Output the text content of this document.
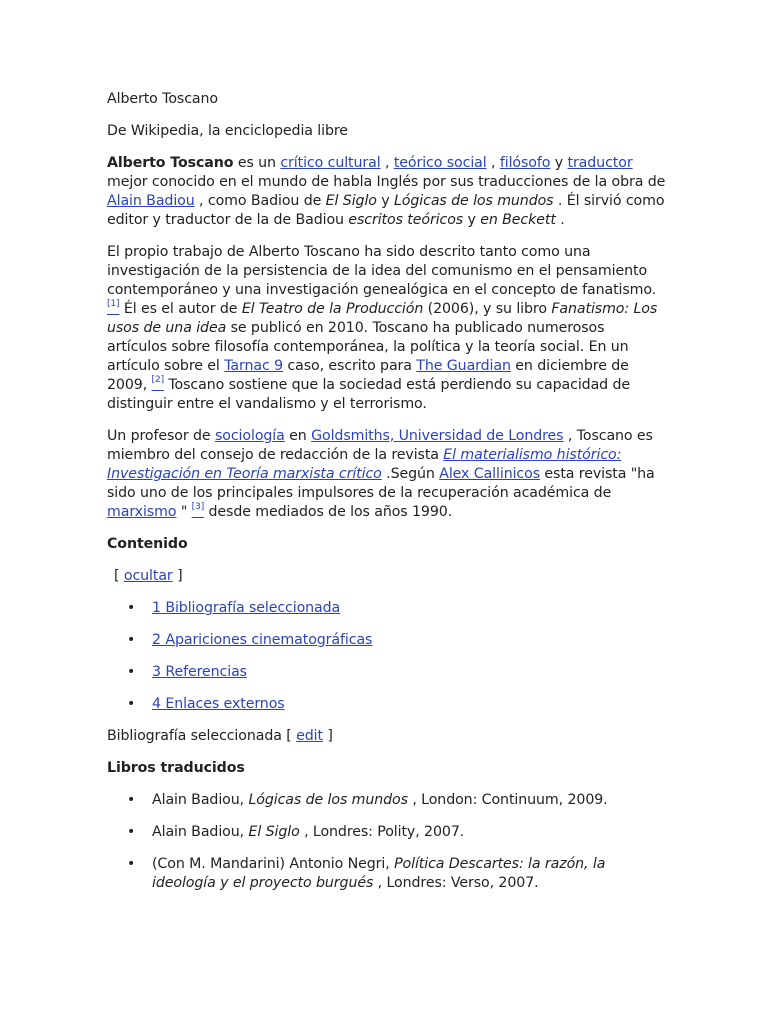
Alberto Toscano

De Wikipedia, la enciclopedia libre

Alberto Toscano es un crítico cultural , teórico social , filósofo y traductor mejor conocido en el mundo de habla Inglés por sus traducciones de la obra de Alain Badiou , como Badiou de El Siglo y Lógicas de los mundos . Él sirvió como editor y traductor de la de Badiou escritos teóricos y en Beckett .

El propio trabajo de Alberto Toscano ha sido descrito tanto como una investigación de la persistencia de la idea del comunismo en el pensamiento contemporáneo y una investigación genealógica en el concepto de fanatismo. [1] Él es el autor de El Teatro de la Producción (2006), y su libro Fanatismo: Los usos de una idea se publicó en 2010. Toscano ha publicado numerosos artículos sobre filosofía contemporánea, la política y la teoría social. En un artículo sobre el Tarnac 9 caso, escrito para The Guardian en diciembre de 2009, [2] Toscano sostiene que la sociedad está perdiendo su capacidad de distinguir entre el vandalismo y el terrorismo.

Un profesor de sociología en Goldsmiths, Universidad de Londres , Toscano es miembro del consejo de redacción de la revista El materialismo histórico: Investigación en Teoría marxista crítico .Según Alex Callinicos esta revista "ha sido uno de los principales impulsores de la recuperación académica de marxismo " [3] desde mediados de los años 1990.

Contenido

[ ocultar ]

• 1 Bibliografía seleccionada
• 2 Apariciones cinematográficas
• 3 Referencias
• 4 Enlaces externos

Bibliografía seleccionada [ edit ]

Libros traducidos

• Alain Badiou, Lógicas de los mundos , London: Continuum, 2009.
• Alain Badiou, El Siglo , Londres: Polity, 2007.
• (Con M. Mandarini) Antonio Negri, Política Descartes: la razón, la ideología y el proyecto burgués , Londres: Verso, 2007.
